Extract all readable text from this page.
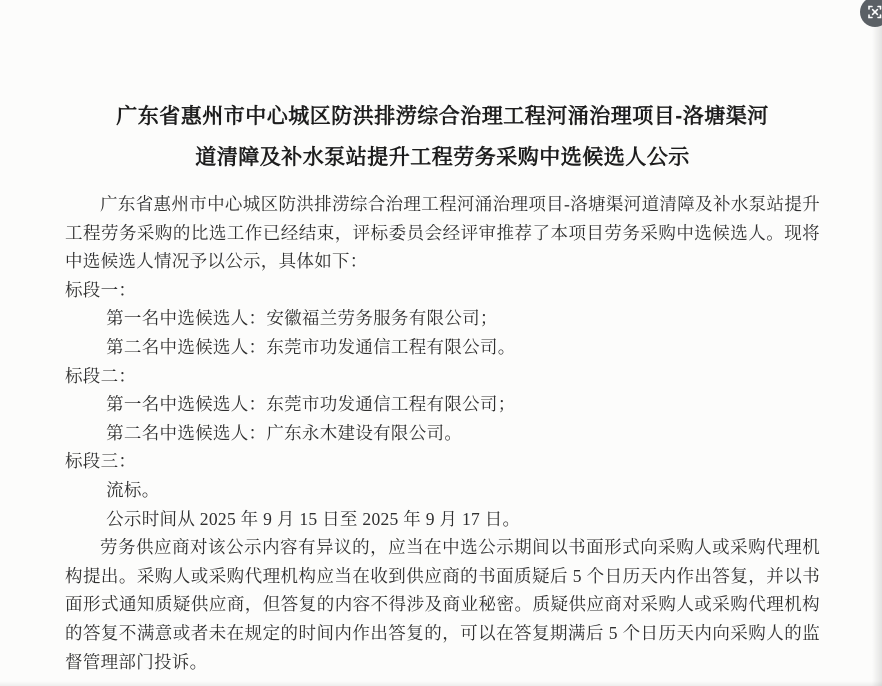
广东省惠州市中心城区防洪排涝综合治理工程河涌治理项目-洛塘渠河
道清障及补水泵站提升工程劳务采购中选候选人公示

广东省惠州市中心城区防洪排涝综合治理工程河涌治理项目-洛塘渠河道清障及补水泵站提升工程劳务采购的比选工作已经结束，评标委员会经评审推荐了本项目劳务采购中选候选人。现将中选候选人情况予以公示，具体如下：

标段一：

第一名中选候选人：安徽福兰劳务服务有限公司；

第二名中选候选人：东莞市功发通信工程有限公司。

标段二：

第一名中选候选人：东莞市功发通信工程有限公司；

第二名中选候选人：广东永木建设有限公司。

标段三：

流标。

公示时间从 2025 年 9 月 15 日至 2025 年 9 月 17 日。

劳务供应商对该公示内容有异议的，应当在中选公示期间以书面形式向采购人或采购代理机构提出。采购人或采购代理机构应当在收到供应商的书面质疑后 5 个日历天内作出答复，并以书面形式通知质疑供应商，但答复的内容不得涉及商业秘密。质疑供应商对采购人或采购代理机构的答复不满意或者未在规定的时间内作出答复的，可以在答复期满后 5 个日历天内向采购人的监督管理部门投诉。
